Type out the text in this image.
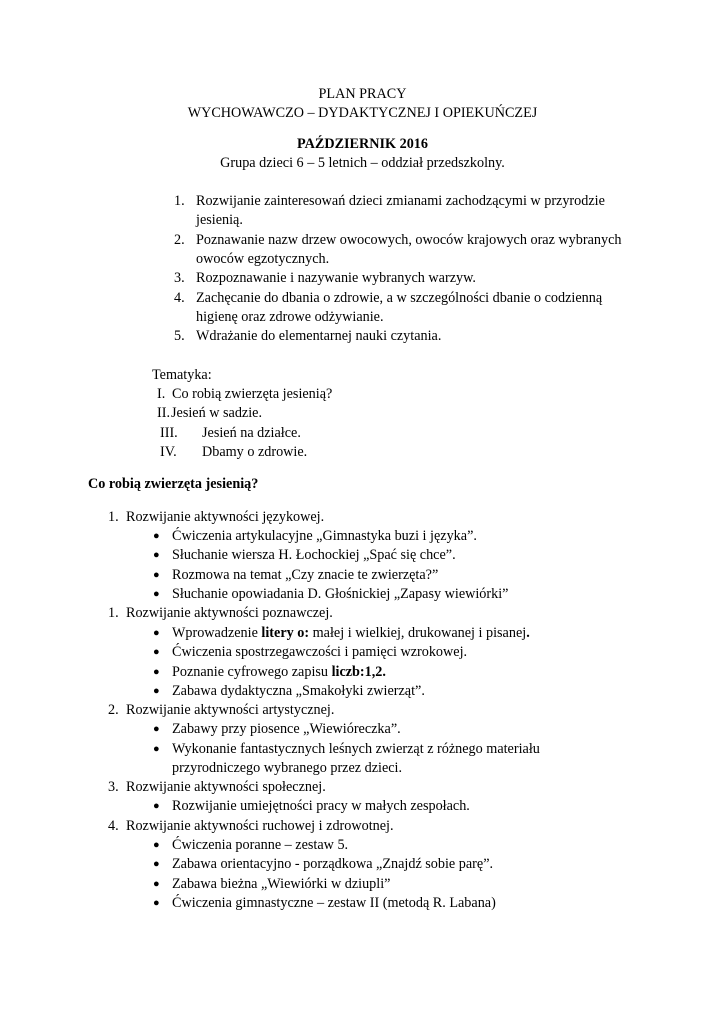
PLAN PRACY
WYCHOWAWCZO – DYDAKTYCZNEJ I OPIEKUŃCZEJ
PAŹDZIERNIK 2016
Grupa dzieci 6 – 5 letnich – oddział przedszkolny.
1. Rozwijanie zainteresowań dzieci zmianami zachodzącymi w przyrodzie
jesienią.
2. Poznawanie nazw drzew owocowych, owoców krajowych oraz wybranych
owoców egzotycznych.
3. Rozpoznawanie i nazywanie wybranych warzyw.
4. Zachęcanie do dbania o zdrowie, a w szczególności dbanie o codzienną
higienę oraz zdrowe odżywianie.
5. Wdrażanie do elementarnej nauki czytania.
Tematyka:
I. Co robią zwierzęta jesienią?
II. Jesień w sadzie.
III. Jesień na działce.
IV. Dbamy o zdrowie.
Co robią zwierzęta jesienią?
1. Rozwijanie aktywności językowej.
● Ćwiczenia artykulacyjne „Gimnastyka buzi i języka”.
● Słuchanie wiersza H. Łochockiej „Spać się chce”.
● Rozmowa na temat „Czy znacie te zwierzęta?”
● Słuchanie opowiadania D. Głośnickiej „Zapasy wiewiórki”
1. Rozwijanie aktywności poznawczej.
● Wprowadzenie litery o: małej i wielkiej, drukowanej i pisanej.
● Ćwiczenia spostrzegawczości i pamięci wzrokowej.
● Poznanie cyfrowego zapisu liczb:1,2.
● Zabawa dydaktyczna „Smakołyki zwierząt”.
2. Rozwijanie aktywności artystycznej.
● Zabawy przy piosence „Wiewióreczka”.
● Wykonanie fantastycznych leśnych zwierząt z różnego materiału
przyrodniczego wybranego przez dzieci.
3. Rozwijanie aktywności społecznej.
● Rozwijanie umiejętności pracy w małych zespołach.
4. Rozwijanie aktywności ruchowej i zdrowotnej.
● Ćwiczenia poranne – zestaw 5.
● Zabawa orientacyjno - porządkowa „Znajdź sobie parę”.
● Zabawa bieżna „Wiewiórki w dziupli”
● Ćwiczenia gimnastyczne – zestaw II (metodą R. Labana)
